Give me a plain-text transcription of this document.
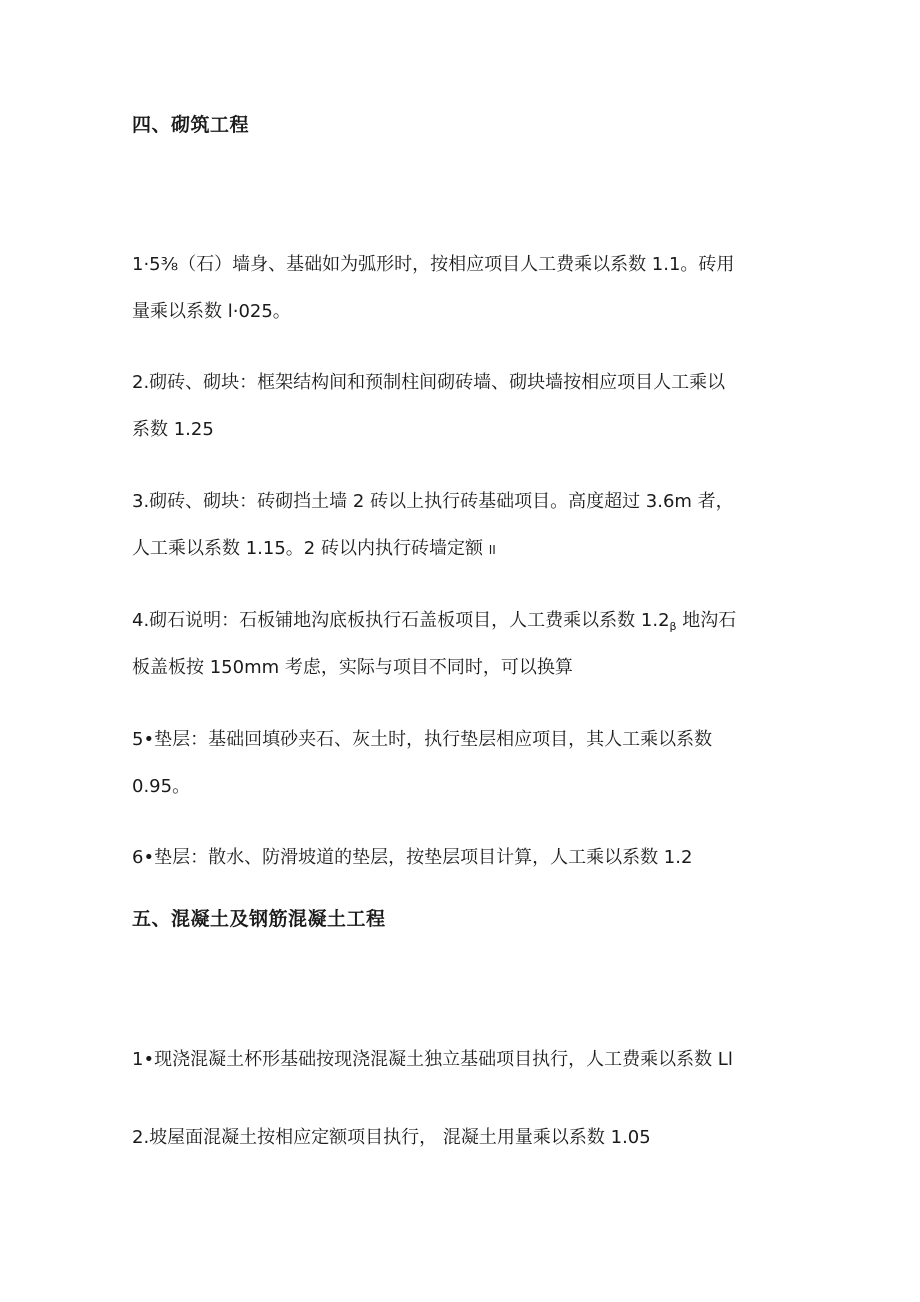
四、砌筑工程
1·5⅜（石）墙身、基础如为弧形时，按相应项目人工费乘以系数 1.1。砖用
量乘以系数 l·025。
2.砌砖、砌块：框架结构间和预制柱间砌砖墙、砌块墙按相应项目人工乘以
系数 1.25
3.砌砖、砌块：砖砌挡土墙 2 砖以上执行砖基础项目。高度超过 3.6m 者，
人工乘以系数 1.15。2 砖以内执行砖墙定额 II
4.砌石说明：石板铺地沟底板执行石盖板项目，人工费乘以系数 $1.2_\beta$ 地沟石
板盖板按 150mm 考虑，实际与项目不同时，可以换算
5•垫层：基础回填砂夹石、灰土时，执行垫层相应项目，其人工乘以系数
0.95。
6•垫层：散水、防滑坡道的垫层，按垫层项目计算，人工乘以系数 1.2
五、混凝土及钢筋混凝土工程
1•现浇混凝土杯形基础按现浇混凝土独立基础项目执行，人工费乘以系数 Ll
2.坡屋面混凝土按相应定额项目执行， 混凝土用量乘以系数 1.05
